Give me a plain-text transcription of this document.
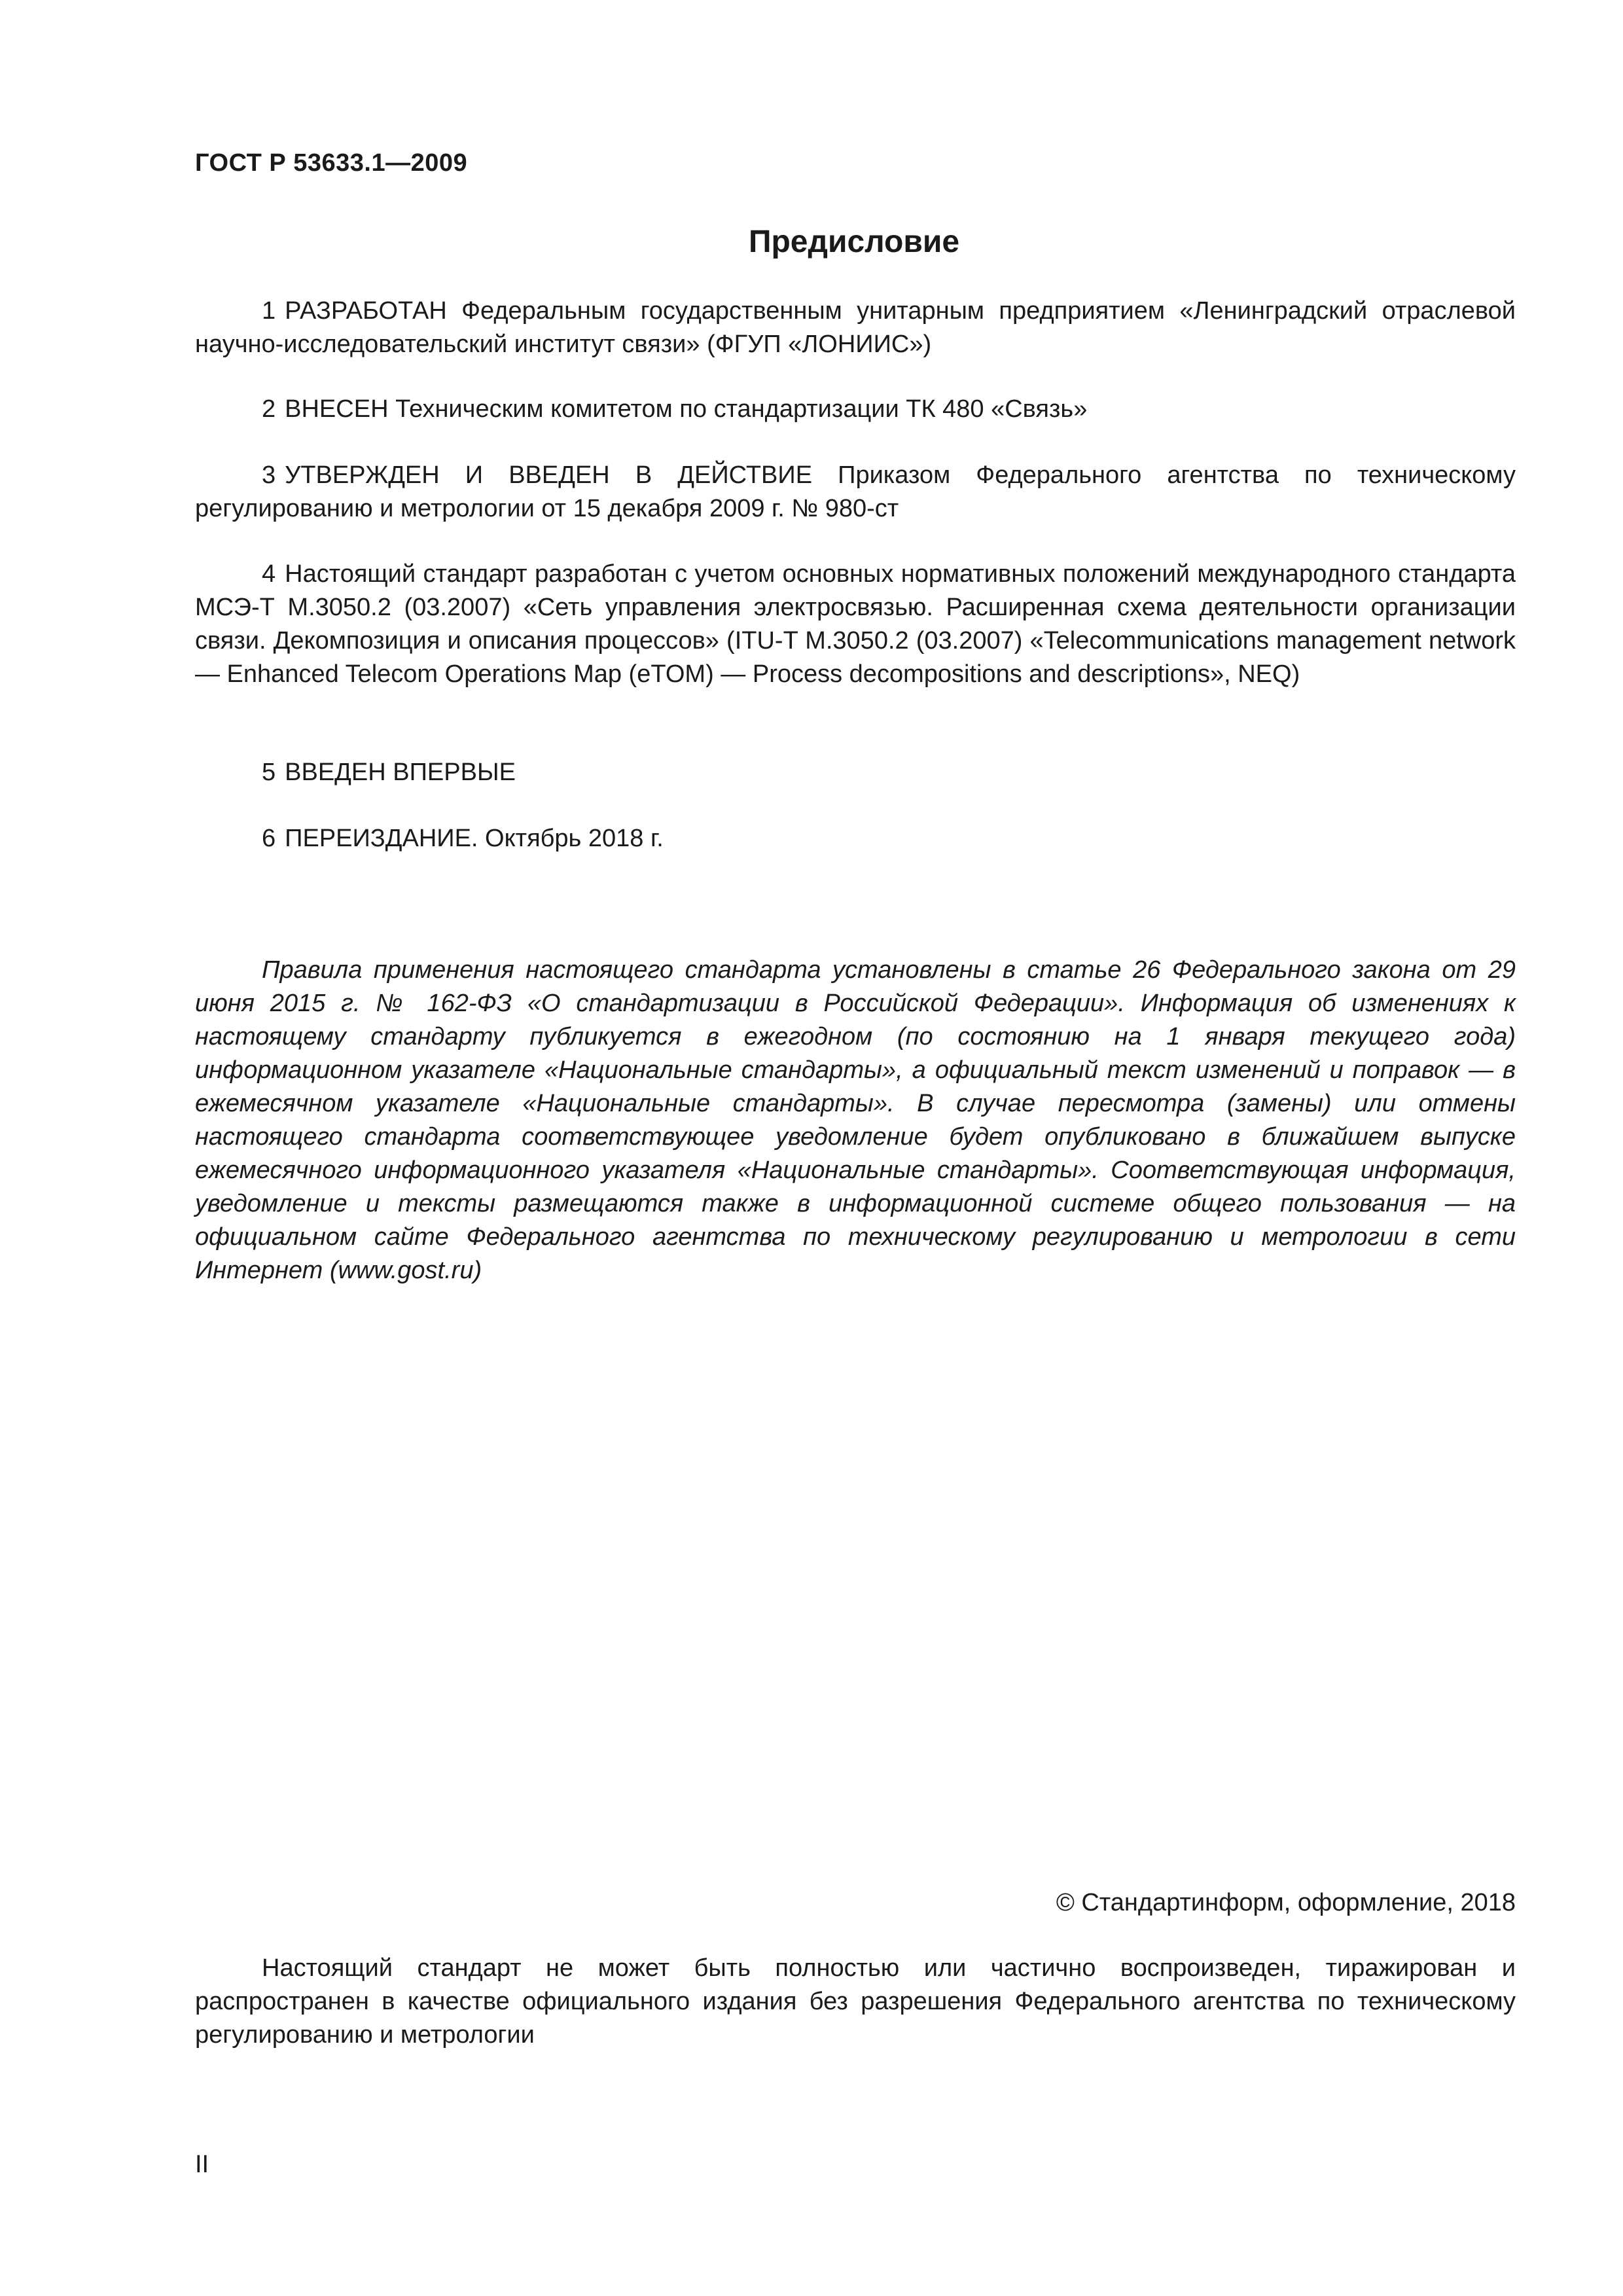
ГОСТ Р 53633.1—2009
Предисловие
1 РАЗРАБОТАН Федеральным государственным унитарным предприятием «Ленинградский отраслевой научно-исследовательский институт связи» (ФГУП «ЛОНИИС»)
2 ВНЕСЕН Техническим комитетом по стандартизации ТК 480 «Связь»
3 УТВЕРЖДЕН И ВВЕДЕН В ДЕЙСТВИЕ Приказом Федерального агентства по техническому регулированию и метрологии от 15 декабря 2009 г. № 980-ст
4 Настоящий стандарт разработан с учетом основных нормативных положений международного стандарта МСЭ-Т М.3050.2 (03.2007) «Сеть управления электросвязью. Расширенная схема деятельности организации связи. Декомпозиция и описания процессов» (ITU-T M.3050.2 (03.2007) «Telecommunications management network — Enhanced Telecom Operations Map (eTOM) — Process decompositions and descriptions», NEQ)
5 ВВЕДЕН ВПЕРВЫЕ
6 ПЕРЕИЗДАНИЕ. Октябрь 2018 г.
Правила применения настоящего стандарта установлены в статье 26 Федерального закона от 29 июня 2015 г. № 162-ФЗ «О стандартизации в Российской Федерации». Информация об изменениях к настоящему стандарту публикуется в ежегодном (по состоянию на 1 января текущего года) информационном указателе «Национальные стандарты», а официальный текст изменений и поправок — в ежемесячном указателе «Национальные стандарты». В случае пересмотра (замены) или отмены настоящего стандарта соответствующее уведомление будет опубликовано в ближайшем выпуске ежемесячного информационного указателя «Национальные стандарты». Соответствующая информация, уведомление и тексты размещаются также в информационной системе общего пользования — на официальном сайте Федерального агентства по техническому регулированию и метрологии в сети Интернет (www.gost.ru)
© Стандартинформ, оформление, 2018
Настоящий стандарт не может быть полностью или частично воспроизведен, тиражирован и распространен в качестве официального издания без разрешения Федерального агентства по техническому регулированию и метрологии
II
